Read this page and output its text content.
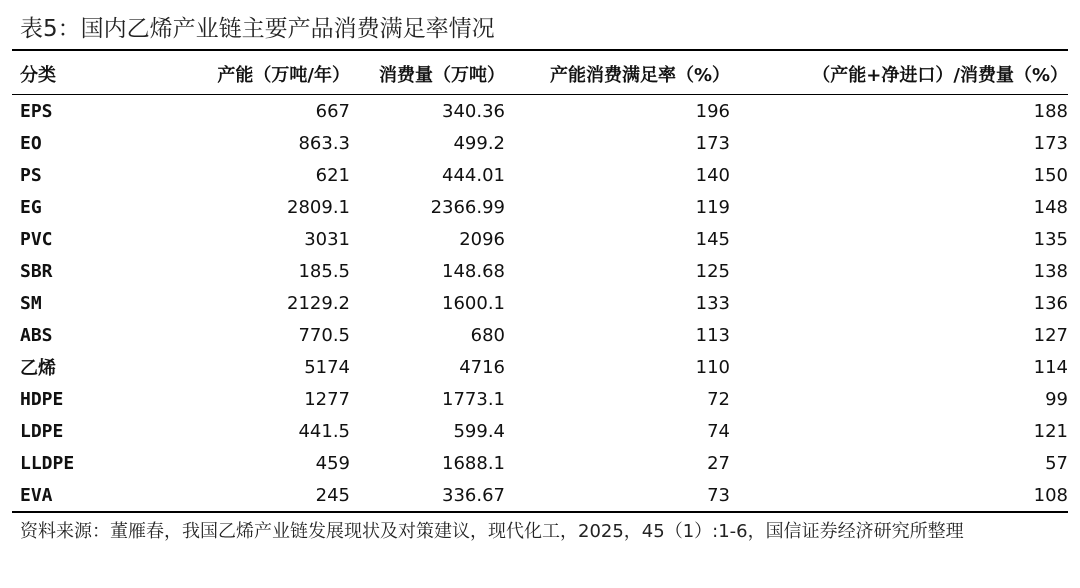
表5：国内乙烯产业链主要产品消费满足率情况
分类	产能（万吨/年）	消费量（万吨）	产能消费满足率（%）	（产能+净进口）/消费量（%）
EPS	667	340.36	196	188
EO	863.3	499.2	173	173
PS	621	444.01	140	150
EG	2809.1	2366.99	119	148
PVC	3031	2096	145	135
SBR	185.5	148.68	125	138
SM	2129.2	1600.1	133	136
ABS	770.5	680	113	127
乙烯	5174	4716	110	114
HDPE	1277	1773.1	72	99
LDPE	441.5	599.4	74	121
LLDPE	459	1688.1	27	57
EVA	245	336.67	73	108
资料来源：董雁春，我国乙烯产业链发展现状及对策建议，现代化工，2025，45（1）:1-6，国信证券经济研究所整理
